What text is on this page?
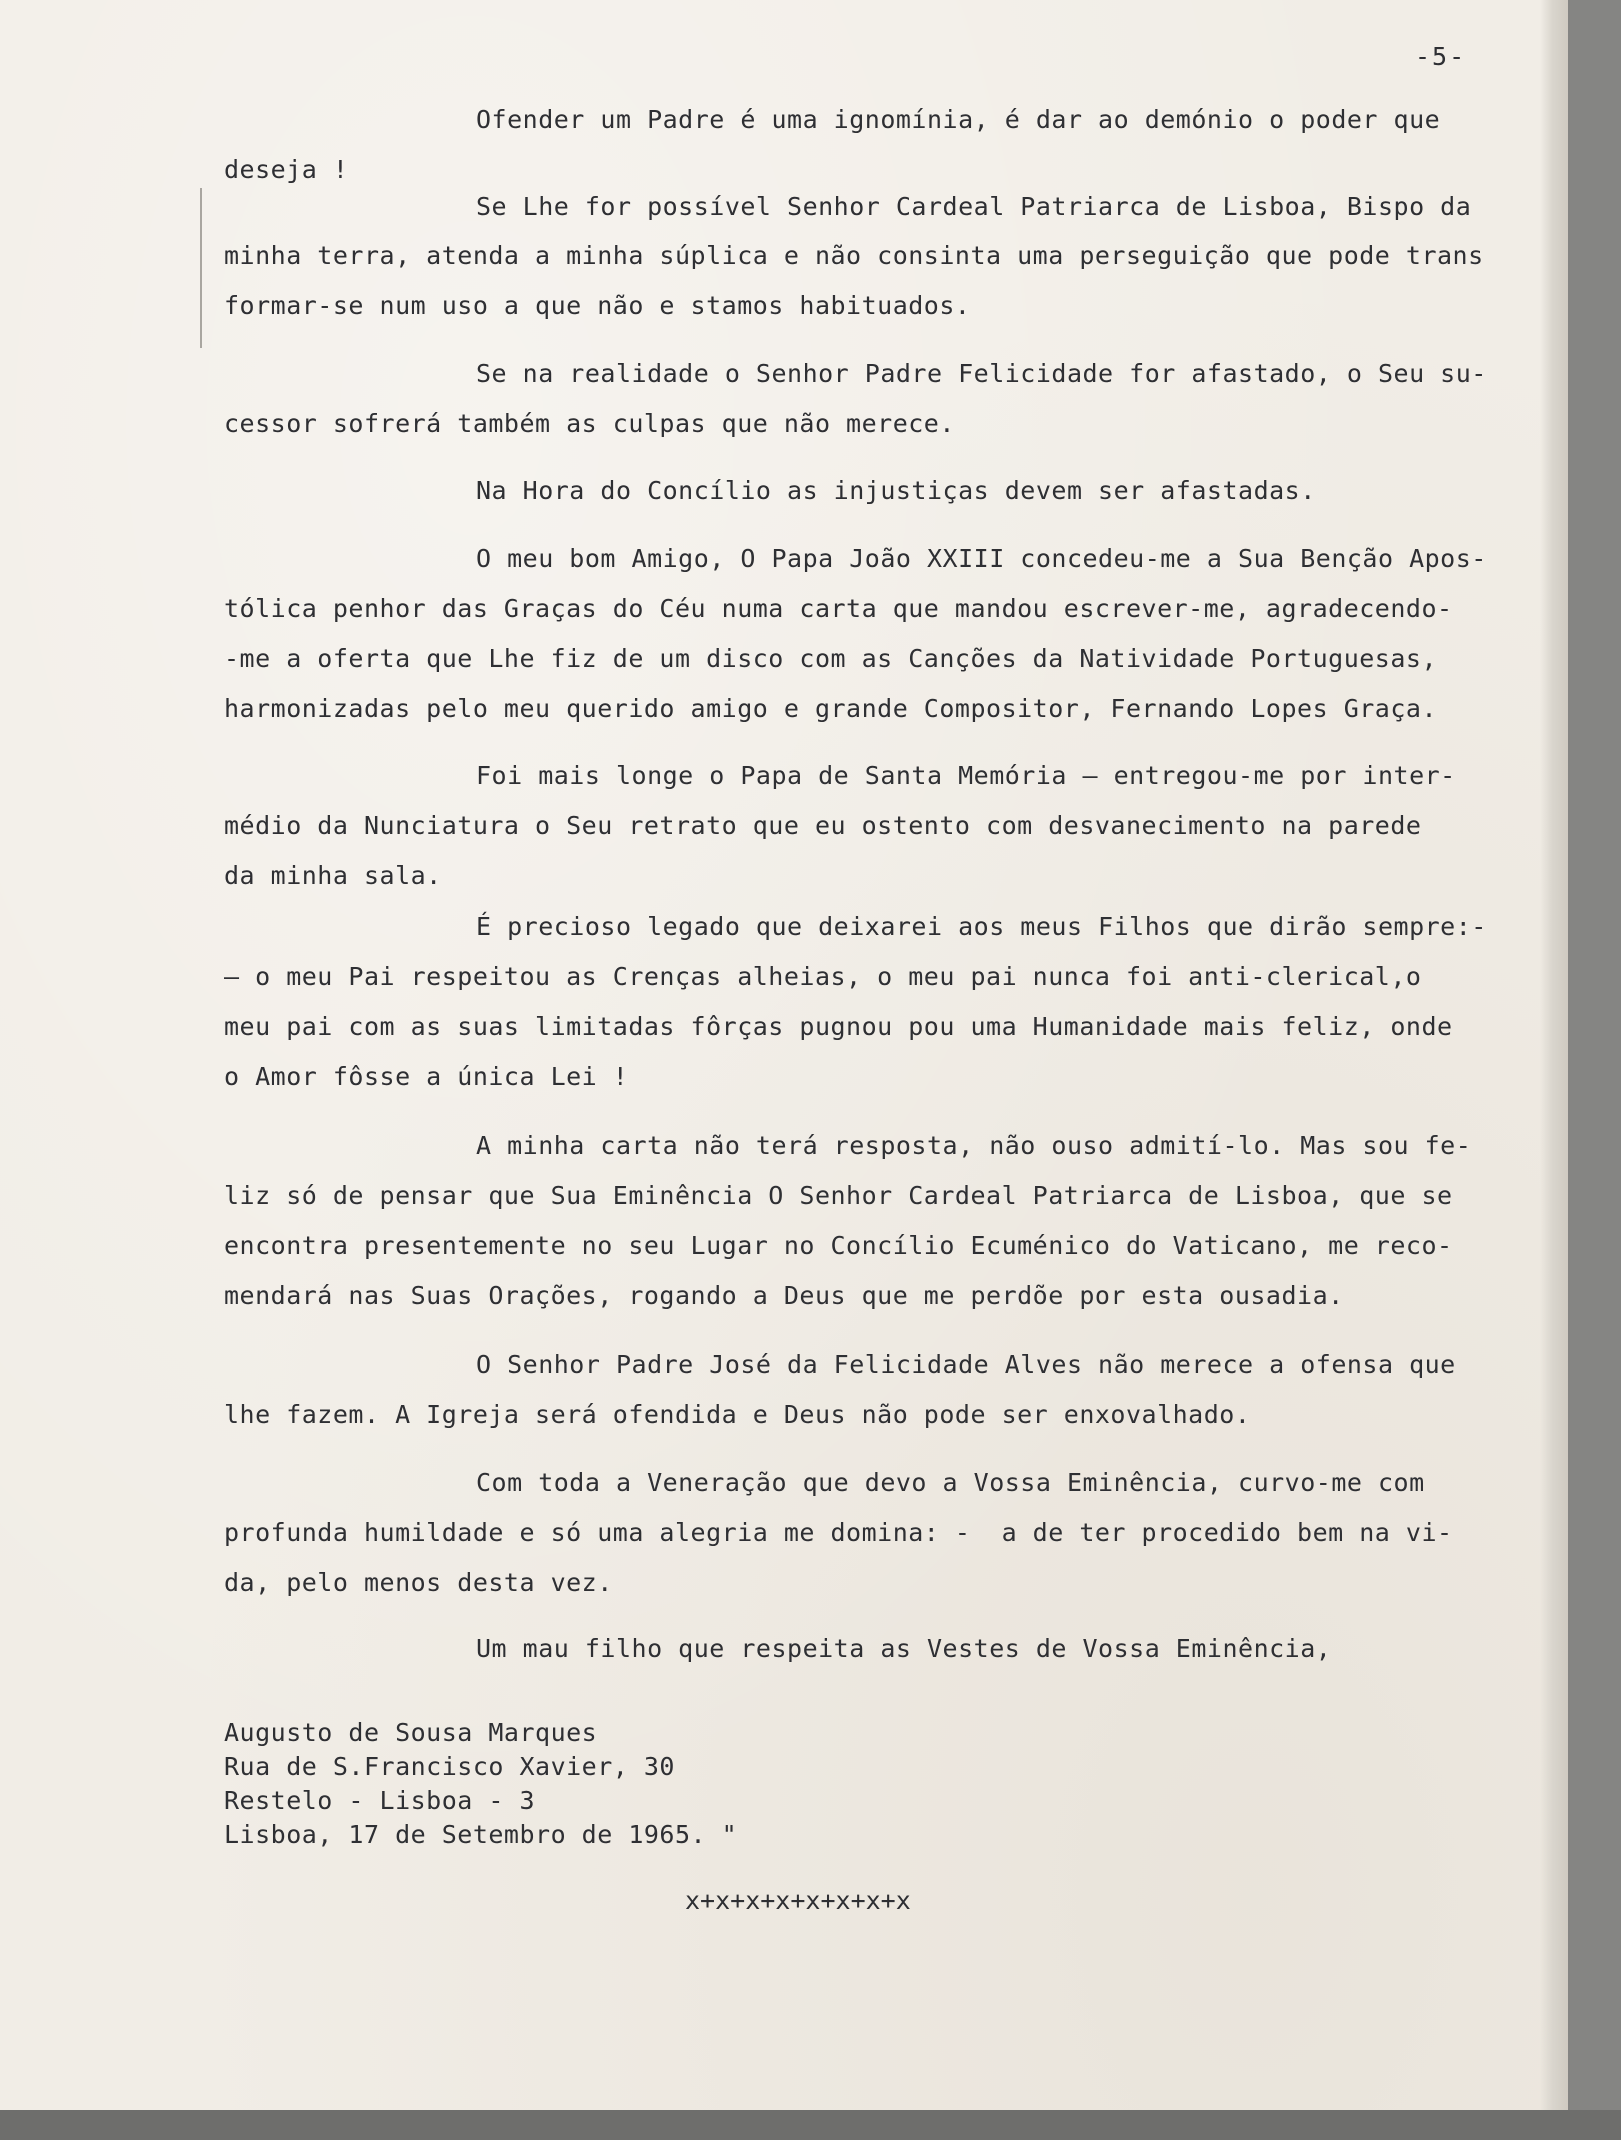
-5-
Ofender um Padre é uma ignomínia, é dar ao demónio o poder que
deseja !
Se Lhe for possível Senhor Cardeal Patriarca de Lisboa, Bispo da
minha terra, atenda a minha súplica e não consinta uma perseguição que pode trans
formar-se num uso a que não e stamos habituados.
Se na realidade o Senhor Padre Felicidade for afastado, o Seu su-
cessor sofrerá também as culpas que não merece.
Na Hora do Concílio as injustiças devem ser afastadas.
O meu bom Amigo, O Papa João XXIII concedeu-me a Sua Benção Apos-
tólica penhor das Graças do Céu numa carta que mandou escrever-me, agradecendo-
-me a oferta que Lhe fiz de um disco com as Canções da Natividade Portuguesas,
harmonizadas pelo meu querido amigo e grande Compositor, Fernando Lopes Graça.
Foi mais longe o Papa de Santa Memória — entregou-me por inter-
médio da Nunciatura o Seu retrato que eu ostento com desvanecimento na parede
da minha sala.
É precioso legado que deixarei aos meus Filhos que dirão sempre:-
— o meu Pai respeitou as Crenças alheias, o meu pai nunca foi anti-clerical,o
meu pai com as suas limitadas fôrças pugnou pou uma Humanidade mais feliz, onde
o Amor fôsse a única Lei !
A minha carta não terá resposta, não ouso admití-lo. Mas sou fe-
liz só de pensar que Sua Eminência O Senhor Cardeal Patriarca de Lisboa, que se
encontra presentemente no seu Lugar no Concílio Ecuménico do Vaticano, me reco-
mendará nas Suas Orações, rogando a Deus que me perdõe por esta ousadia.
O Senhor Padre José da Felicidade Alves não merece a ofensa que
lhe fazem. A Igreja será ofendida e Deus não pode ser enxovalhado.
Com toda a Veneração que devo a Vossa Eminência, curvo-me com
profunda humildade e só uma alegria me domina: -  a de ter procedido bem na vi-
da, pelo menos desta vez.
Um mau filho que respeita as Vestes de Vossa Eminência,
Augusto de Sousa Marques
Rua de S.Francisco Xavier, 30
Restelo - Lisboa - 3
Lisboa, 17 de Setembro de 1965. "
x+x+x+x+x+x+x+x
